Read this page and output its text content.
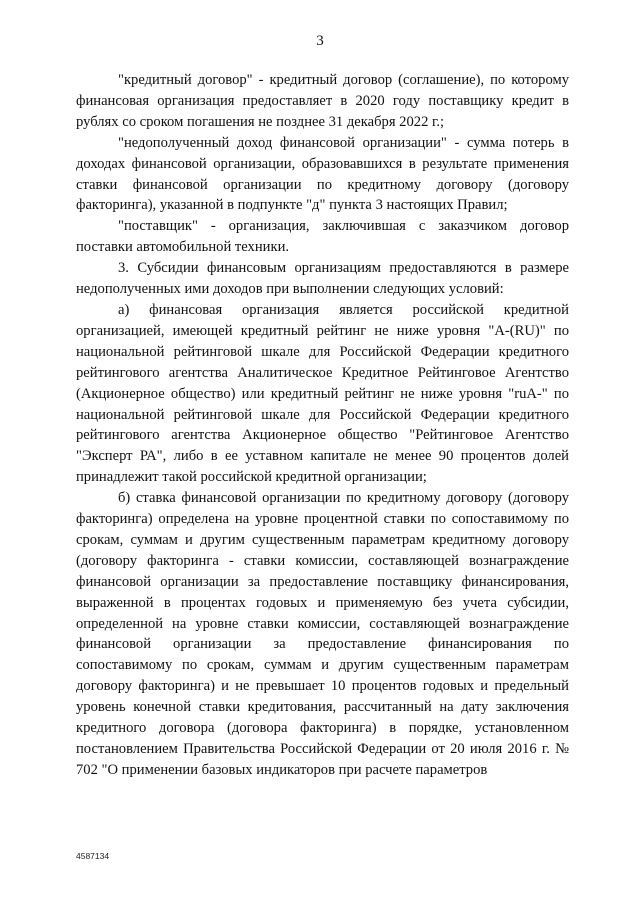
3

"кредитный договор" - кредитный договор (соглашение), по которому финансовая организация предоставляет в 2020 году поставщику кредит в рублях со сроком погашения не позднее 31 декабря 2022 г.;

"недополученный доход финансовой организации" - сумма потерь в доходах финансовой организации, образовавшихся в результате применения ставки финансовой организации по кредитному договору (договору факторинга), указанной в подпункте "д" пункта 3 настоящих Правил;

"поставщик" - организация, заключившая с заказчиком договор поставки автомобильной техники.

3. Субсидии финансовым организациям предоставляются в размере недополученных ими доходов при выполнении следующих условий:

а) финансовая организация является российской кредитной организацией, имеющей кредитный рейтинг не ниже уровня "A-(RU)" по национальной рейтинговой шкале для Российской Федерации кредитного рейтингового агентства Аналитическое Кредитное Рейтинговое Агентство (Акционерное общество) или кредитный рейтинг не ниже уровня "ruA-" по национальной рейтинговой шкале для Российской Федерации кредитного рейтингового агентства Акционерное общество "Рейтинговое Агентство "Эксперт РА", либо в ее уставном капитале не менее 90 процентов долей принадлежит такой российской кредитной организации;

б) ставка финансовой организации по кредитному договору (договору факторинга) определена на уровне процентной ставки по сопоставимому по срокам, суммам и другим существенным параметрам кредитному договору (договору факторинга - ставки комиссии, составляющей вознаграждение финансовой организации за предоставление поставщику финансирования, выраженной в процентах годовых и применяемую без учета субсидии, определенной на уровне ставки комиссии, составляющей вознаграждение финансовой организации за предоставление финансирования по сопоставимому по срокам, суммам и другим существенным параметрам договору факторинга) и не превышает 10 процентов годовых и предельный уровень конечной ставки кредитования, рассчитанный на дату заключения кредитного договора (договора факторинга) в порядке, установленном постановлением Правительства Российской Федерации от 20 июля 2016 г. № 702 "О применении базовых индикаторов при расчете параметров

4587134
